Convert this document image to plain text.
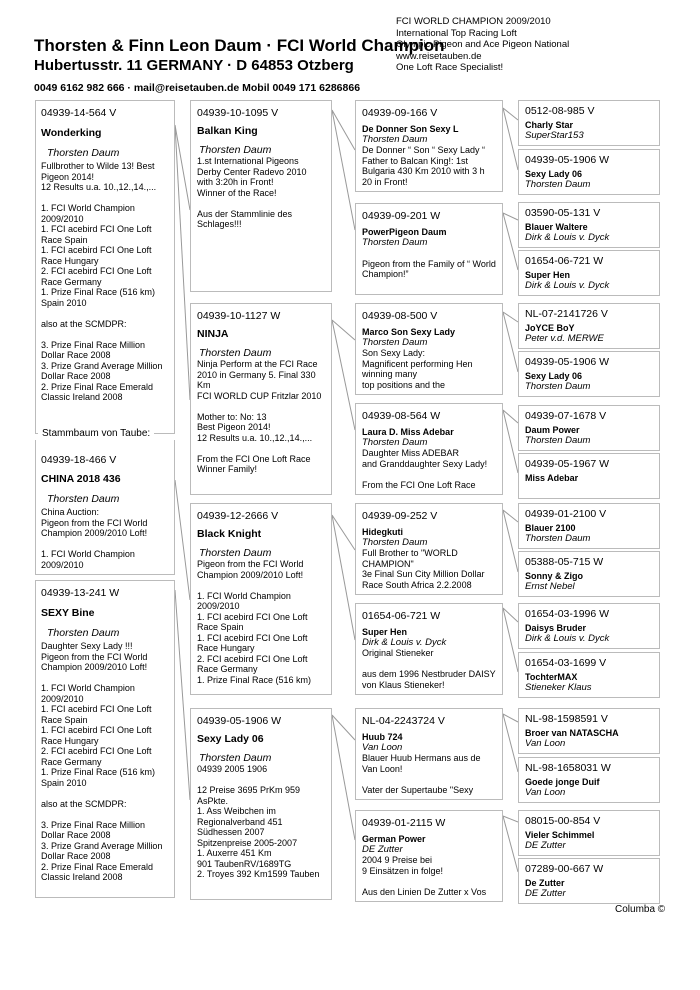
Thorsten & Finn Leon Daum · FCI World Champion
Hubertusstr. 11 GERMANY · D 64853 Otzberg
0049 6162 982 666 · mail@reisetauben.de Mobil 0049 171 6286866
FCI WORLD CHAMPION 2009/2010
International Top Racing Loft
Olympic Pigeon and Ace Pigeon National
www.reisetauben.de
One Loft Race Specialist!
04939-14-564 V
Wonderking
Thorsten Daum
Fullbrother to Wilde 13! Best Pigeon 2014!
12 Results u.a. 10.,12.,14.,...

1. FCI World Champion 2009/2010
1. FCI acebird FCI One Loft Race Spain
1. FCI acebird FCI One Loft Race Hungary
2. FCI acebird FCI One Loft Race Germany
1. Prize Final Race (516 km) Spain 2010

also at the SCMDPR:

3. Prize Final Race Million Dollar Race 2008
3. Prize Grand Average Million Dollar Race 2008
2. Prize Final Race Emerald Classic Ireland 2008
04939-18-466 V
CHINA 2018 436
Thorsten Daum
China Auction:
Pigeon from the FCI World Champion 2009/2010 Loft!

1. FCI World Champion 2009/2010
Stammbaum von Taube:
04939-13-241 W
SEXY Bine
Thorsten Daum
Daughter Sexy Lady !!!
Pigeon from the FCI World Champion 2009/2010 Loft!

1. FCI World Champion 2009/2010
1. FCI acebird FCI One Loft Race Spain
1. FCI acebird FCI One Loft Race Hungary
2. FCI acebird FCI One Loft Race Germany
1. Prize Final Race (516 km) Spain 2010

also at the SCMDPR:

3. Prize Final Race Million Dollar Race 2008
3. Prize Grand Average Million Dollar Race 2008
2. Prize Final Race Emerald Classic Ireland 2008
04939-10-1095 V
Balkan King
Thorsten Daum
1.st International Pigeons Derby Center Radevo 2010 with 3:20h in Front!
Winner of the Race!

Aus der Stammlinie des Schlages!!!
04939-10-1127 W
NINJA
Thorsten Daum
Ninja Perform at the FCI Race 2010 in Germany 5. Final 330 Km
FCI WORLD CUP Fritzlar 2010

Mother to: No: 13
Best Pigeon 2014!
12 Results u.a. 10.,12.,14.,...

From the FCI One Loft Race Winner Family!
04939-12-2666 V
Black Knight
Thorsten Daum
Pigeon from the FCI World Champion 2009/2010 Loft!

1. FCI World Champion 2009/2010
1. FCI acebird FCI One Loft Race Spain
1. FCI acebird FCI One Loft Race Hungary
2. FCI acebird FCI One Loft Race Germany
1. Prize Final Race (516 km)
04939-05-1906 W
Sexy Lady 06
Thorsten Daum
04939 2005 1906

12 Preise 3695 PrKm 959 AsPkte.
1. Ass Weibchen im Regionalverband 451 Südhessen 2007
Spitzenpreise 2005-2007
1. Auxerre 451 Km
901 TaubenRV/1689TG
2. Troyes 392 Km1599 Tauben
04939-09-166 V
De Donner Son Sexy L
Thorsten Daum
De Donner “ Son “ Sexy Lady “ Father to Balcan King!: 1st Bulgaria 430 Km 2010 with 3 h 20 in Front!
04939-09-201 W
PowerPigeon Daum
Thorsten Daum

Pigeon from the Family of “ World Champion!”
04939-08-500 V
Marco Son Sexy Lady
Thorsten Daum
Son Sexy Lady:
Magnificent performing Hen winning many
top positions and the
04939-08-564 W
Laura D. Miss Adebar
Thorsten Daum
Daughter Miss ADEBAR
and Granddaughter Sexy Lady!

From the FCI One Loft Race
04939-09-252 V
Hidegkuti
Thorsten Daum
Full Brother to "WORLD CHAMPION"
3e Final Sun City Million Dollar Race South Africa 2.2.2008
01654-06-721 W
Super Hen
Dirk & Louis v. Dyck
Original Stieneker

aus dem 1996 Nestbruder DAISY von Klaus Stieneker!
NL-04-2243724 V
Huub 724
Van Loon
Blauer Huub Hermans aus de Van Loon!

Vater der Supertaube "Sexy
04939-01-2115 W
German Power
DE Zutter
2004 9 Preise bei
9 Einsätzen in folge!

Aus den Linien De Zutter x Vos
0512-08-985 V
Charly Star
SuperStar153
04939-05-1906 W
Sexy Lady 06
Thorsten Daum
03590-05-131 V
Blauer Waltere
Dirk & Louis v. Dyck
01654-06-721 W
Super Hen
Dirk & Louis v. Dyck
NL-07-2141726 V
JoYCE BoY
Peter v.d. MERWE
04939-05-1906 W
Sexy Lady 06
Thorsten Daum
04939-07-1678 V
Daum Power
Thorsten Daum
04939-05-1967 W
Miss Adebar
04939-01-2100 V
Blauer 2100
Thorsten Daum
05388-05-715 W
Sonny & Zigo
Ernst Nebel
01654-03-1996 W
Daisys Bruder
Dirk & Louis v. Dyck
01654-03-1699 V
TochterMAX
Stieneker Klaus
NL-98-1598591 V
Broer van NATASCHA
Van Loon
NL-98-1658031 W
Goede jonge Duif
Van Loon
08015-00-854 V
Vieler Schimmel
DE Zutter
07289-00-667 W
De Zutter
DE Zutter
Columba ©
